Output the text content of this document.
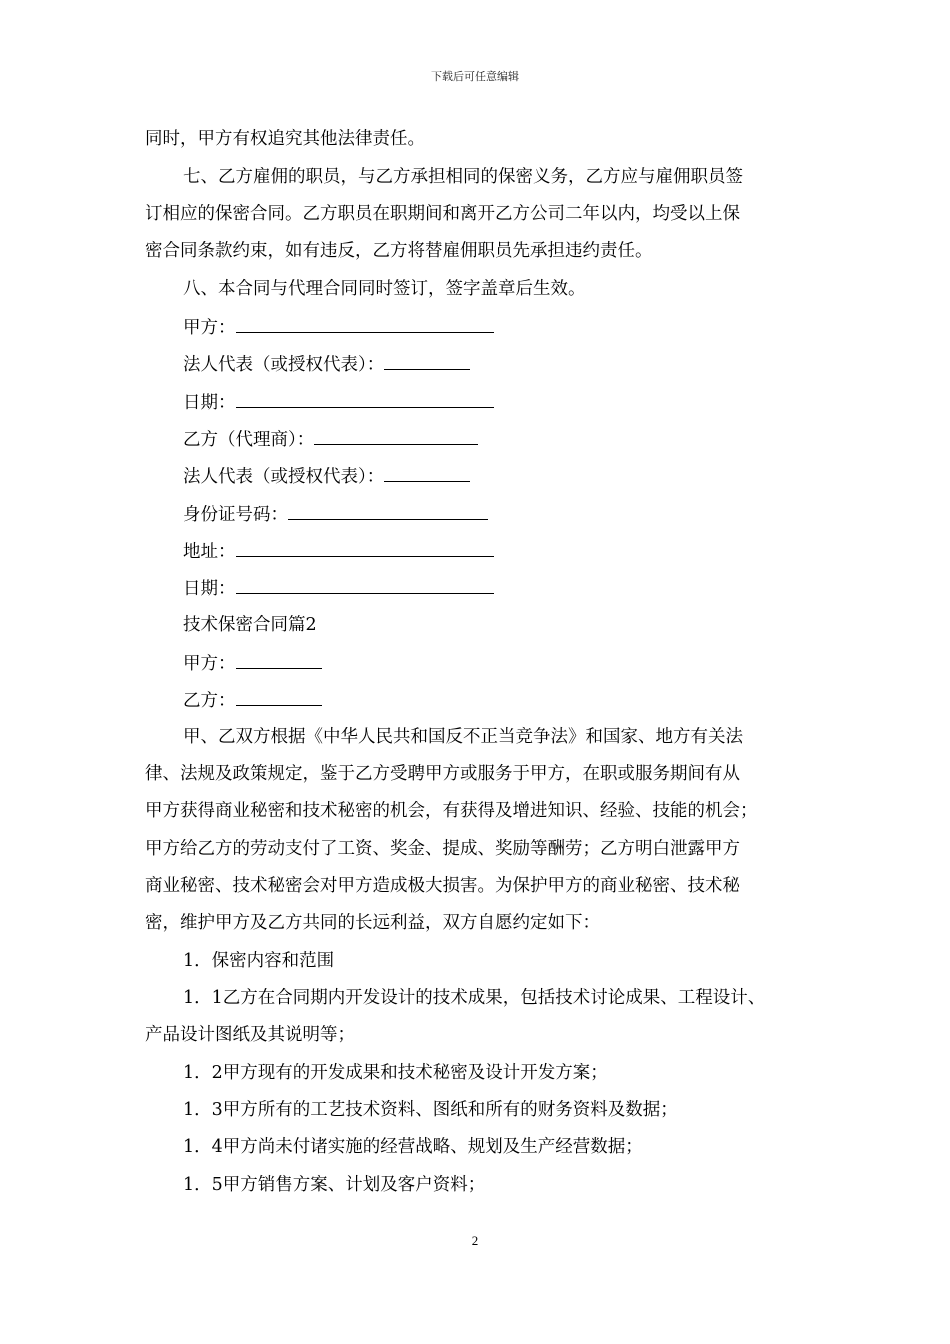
下载后可任意编辑
同时，甲方有权追究其他法律责任。
七、乙方雇佣的职员，与乙方承担相同的保密义务，乙方应与雇佣职员签
订相应的保密合同。乙方职员在职期间和离开乙方公司二年以内，均受以上保
密合同条款约束，如有违反，乙方将替雇佣职员先承担违约责任。
八、本合同与代理合同同时签订，签字盖章后生效。
甲方：
法人代表（或授权代表）：
日期：
乙方（代理商）：
法人代表（或授权代表）：
身份证号码：
地址：
日期：
技术保密合同篇2
甲方：
乙方：
甲、乙双方根据《中华人民共和国反不正当竞争法》和国家、地方有关法
律、法规及政策规定，鉴于乙方受聘甲方或服务于甲方，在职或服务期间有从
甲方获得商业秘密和技术秘密的机会，有获得及增进知识、经验、技能的机会；
甲方给乙方的劳动支付了工资、奖金、提成、奖励等酬劳；乙方明白泄露甲方
商业秘密、技术秘密会对甲方造成极大损害。为保护甲方的商业秘密、技术秘
密，维护甲方及乙方共同的长远利益，双方自愿约定如下：
1．保密内容和范围
1．1乙方在合同期内开发设计的技术成果，包括技术讨论成果、工程设计、
产品设计图纸及其说明等；
1．2甲方现有的开发成果和技术秘密及设计开发方案；
1．3甲方所有的工艺技术资料、图纸和所有的财务资料及数据；
1．4甲方尚未付诸实施的经营战略、规划及生产经营数据；
1．5甲方销售方案、计划及客户资料；
2
